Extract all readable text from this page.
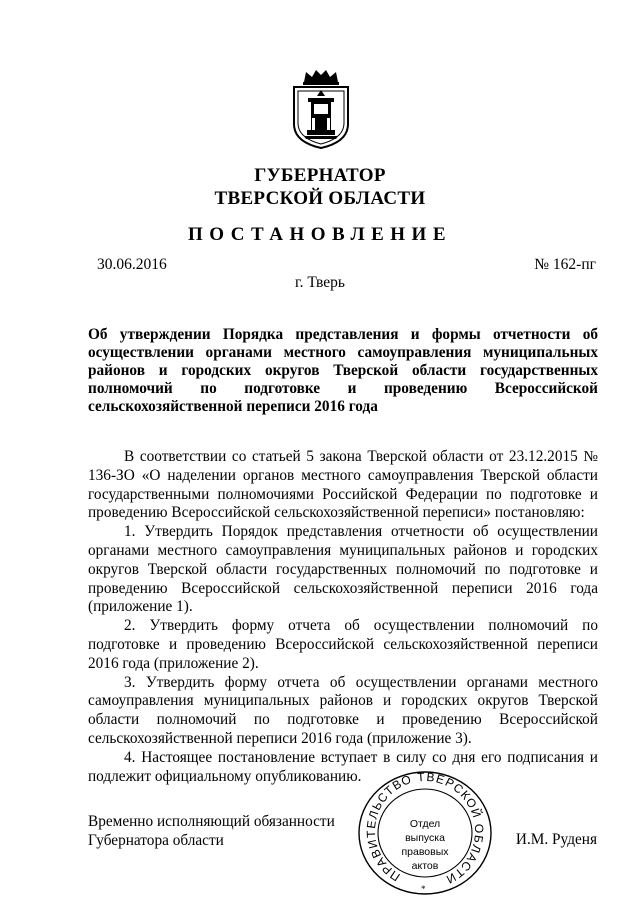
ГУБЕРНАТОР
ТВЕРСКОЙ ОБЛАСТИ
ПОСТАНОВЛЕНИЕ
30.06.2016	№ 162-пг
г. Тверь
Об утверждении Порядка представления и формы отчетности об осуществлении органами местного самоуправления муниципальных районов и городских округов Тверской области государственных полномочий по подготовке и проведению Всероссийской сельскохозяйственной переписи 2016 года

В соответствии со статьей 5 закона Тверской области от 23.12.2015 № 136-ЗО «О наделении органов местного самоуправления Тверской области государственными полномочиями Российской Федерации по подготовке и проведению Всероссийской сельскохозяйственной переписи» постановляю:

1. Утвердить Порядок представления отчетности об осуществлении органами местного самоуправления муниципальных районов и городских округов Тверской области государственных полномочий по подготовке и проведению Всероссийской сельскохозяйственной переписи 2016 года (приложение 1).

2. Утвердить форму отчета об осуществлении полномочий по подготовке и проведению Всероссийской сельскохозяйственной переписи 2016 года (приложение 2).

3. Утвердить форму отчета об осуществлении органами местного самоуправления муниципальных районов и городских округов Тверской области полномочий по подготовке и проведению Всероссийской сельскохозяйственной переписи 2016 года (приложение 3).

4. Настоящее постановление вступает в силу со дня его подписания и подлежит официальному опубликованию.

Временно исполняющий обязанности
Губернатора области	И.М. Руденя
ПРАВИТЕЛЬСТВО ТВЕРСКОЙ ОБЛАСТИ
*
Отдел
выпуска
правовых
актов
